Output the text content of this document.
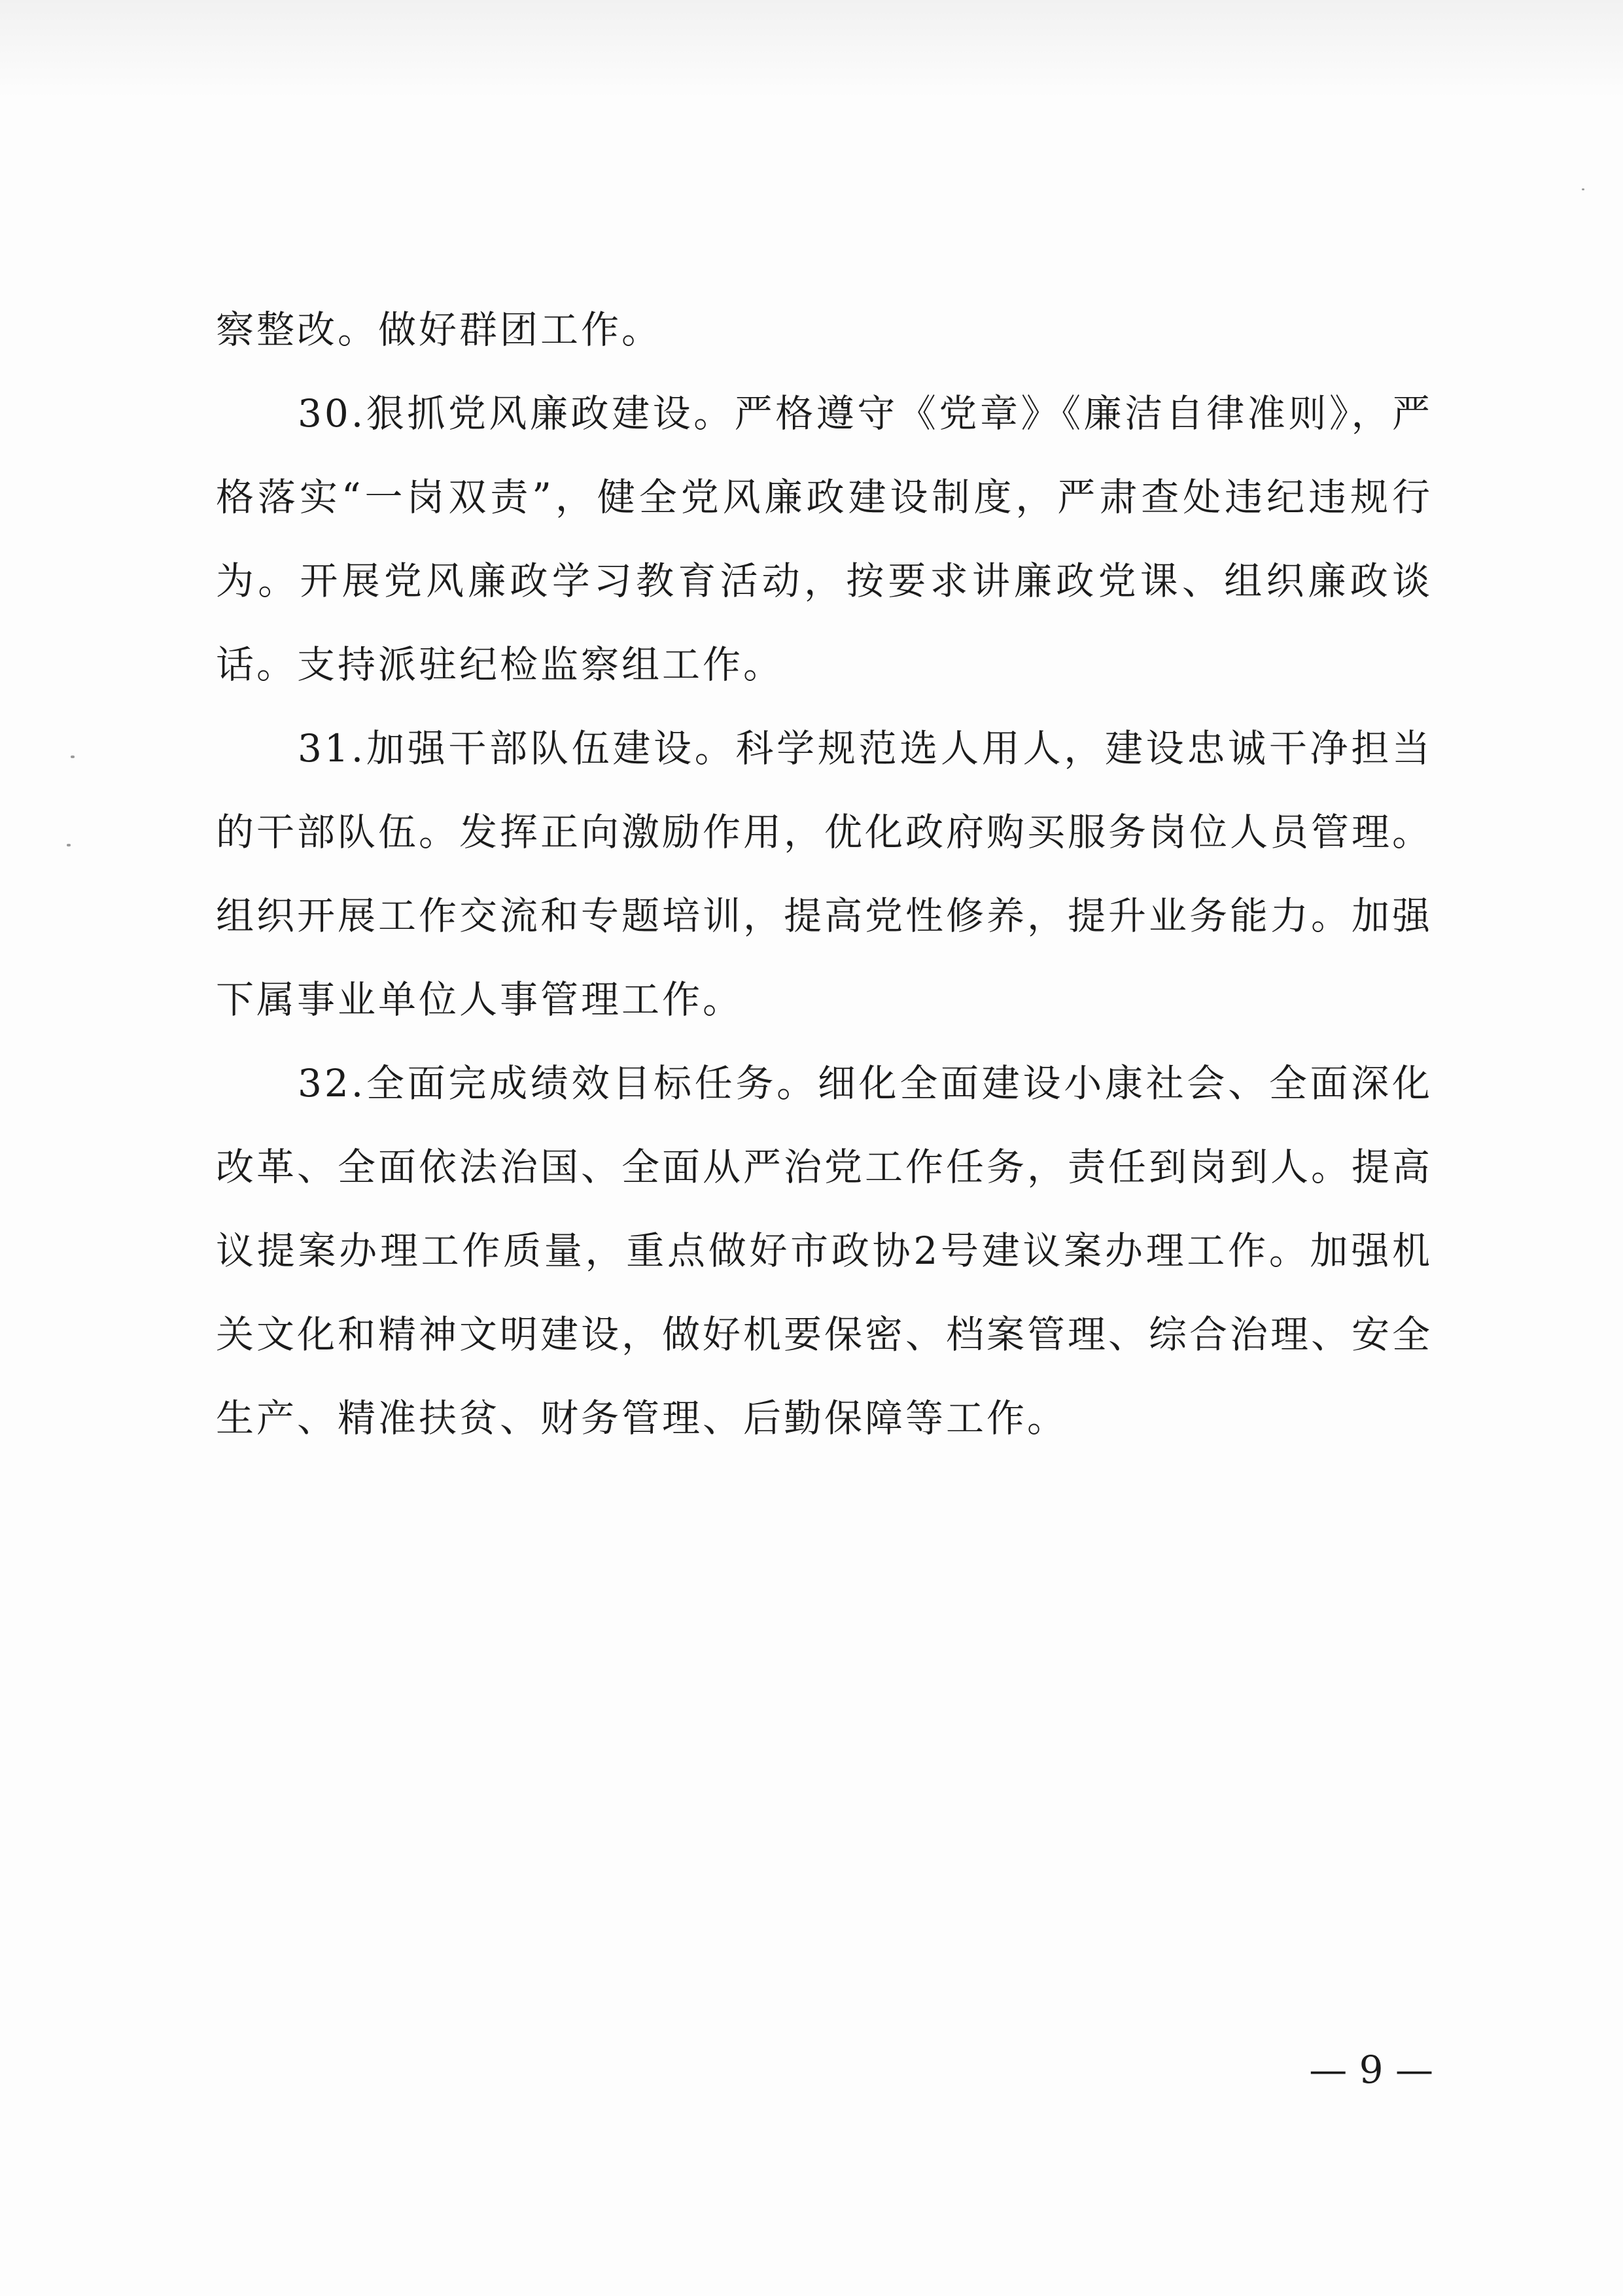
察整改。做好群团工作。

30.狠抓党风廉政建设。严格遵守《党章》《廉洁自律准则》，严格落实“一岗双责”，健全党风廉政建设制度，严肃查处违纪违规行为。开展党风廉政学习教育活动，按要求讲廉政党课、组织廉政谈话。支持派驻纪检监察组工作。

31.加强干部队伍建设。科学规范选人用人，建设忠诚干净担当的干部队伍。发挥正向激励作用，优化政府购买服务岗位人员管理。组织开展工作交流和专题培训，提高党性修养，提升业务能力。加强下属事业单位人事管理工作。

32.全面完成绩效目标任务。细化全面建设小康社会、全面深化改革、全面依法治国、全面从严治党工作任务，责任到岗到人。提高议提案办理工作质量，重点做好市政协2号建议案办理工作。加强机关文化和精神文明建设，做好机要保密、档案管理、综合治理、安全生产、精准扶贫、财务管理、后勤保障等工作。

— 9 —
